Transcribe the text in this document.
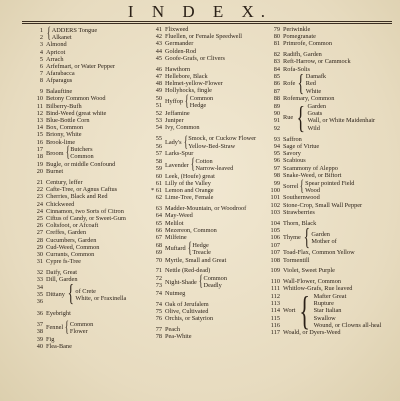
I N D E X.
1
2 { ADDERS Tongue
Alkanet
3 Almond
4 Apricot
5 Arrach
6 Arfefmart, or Water Pepper
7 Afarabacca
8 Afparagus
9 Balauftine
10 Betony Common Wood
11 Bilberry-Bufh
12 Bind-Weed (great white
13 Blue-Bottle Corn
14 Box, Common
15 Briony, White
16 Brook-lime
17
18
Broom { Butchers
Common
19 Bugle, or middle Confound
20 Burnet
21 Century, leffer
22 Cafte-Tree, or Agnus Caftus
23 Cherries, Black and Red
24 Chickweed
24 Cinnamon, two Sorts of Citron
25 Ciftus of Candy, or Sweet-Gum
26 Coltsfoot, or Afcoaft
27 Creffes, Garden
28 Cucumbers, Garden
29 Cud-Weed, Common
30 Currants, Common
31 Cypre fs-Tree
32 Daify, Great
33 Dill, Garden
34
35
36
Dittany { of Crete
White, or Fraxinella
36 Eyebright
37
38
Fennel { Common
Flower
39 Fig
40 Flea-Bane
41 Flixweed
42 Fluellen, or Female Speedwell
43 Germander
44 Golden-Rod
45 Goofe-Grafs, or Clivers
46 Hawthorn
47 Hellebore, Black
48 Helmet-yellow-Flower
49 Hollyhocks, fingle
50
51
Hyffop { Common
Hedge
52 Jeffamine
53 Juniper
54 Ivy, Common
55
56
Lady's { Smock, or Cuckow Flower
Yellow-Bed-Straw
57 Larks-Spur
58
59
Lavender { Cotton
Narrow-leaved
60 Leek, (Houfe) great
61 Lilly of the Valley
* 61 Lemon and Orange
62 Lime-Tree, Female
63 Madder-Mountain, or Woodroof
64 May-Weed
65 Melilot
66 Mezereon, Common
67 Milfeine
68
69
Muftard { Hedge
Treacle
70 Myrtle, Small and Great
71 Nettle (Red-dead)
72
73
Night-Shade { Common
Deadly
74 Nutmeg
74 Oak of Jerufalem
75 Olive, Cultivated
76 Orchis, or Satyrion
77 Peach
78 Pea-White
79 Periwinkle
80 Pomegranate
81 Primrofe, Common
82 Radifh, Garden
83 Reft-Harrow, or Cammock
84 Rofa-Solis
85
86
87
Rofe { Damafk
Red
White
88 Rofemary, Common
89
90
91
92
Rue { Garden
Goats
Wall, or White Maidenhair
Wild
93 Saffron
94 Sage of Virtue
95 Savory
96 Scabious
97 Scammony of Aleppo
98 Snake-Weed, or Biftort
99
100
Sorrel { Spear pointed Field
Wood
101 Southernwood
102 Stone-Crop, Small Wall Pepper
103 Strawberries
104 Thorn, Black
105
106
107
Thyme { Garden
Mother of
107 Toad-Flax, Common Yellow
108 Tormentill
109 Violet, Sweet Purple
110 Wall-Flower, Common
111 Whitlow-Grafs, Rue leaved
112
113
114
115
116
Wort { Mafter Great
Rupture
Star Italian
Swallow
Wound, or Clowns all-heal
117 Woald, or Dyers-Weed
